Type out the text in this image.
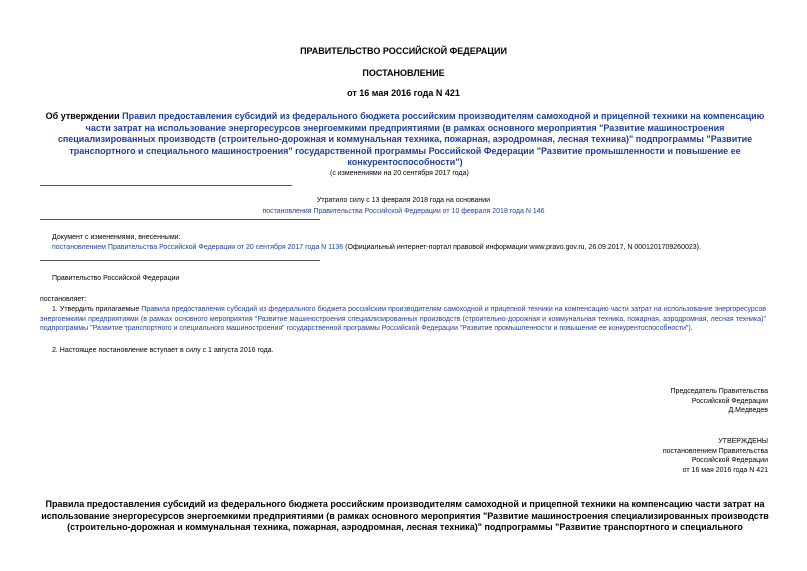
ПРАВИТЕЛЬСТВО РОССИЙСКОЙ ФЕДЕРАЦИИ
ПОСТАНОВЛЕНИЕ
от 16 мая 2016 года N 421
Об утверждении Правил предоставления субсидий из федерального бюджета российским производителям самоходной и прицепной техники на компенсацию части затрат на использование энергоресурсов энергоемкими предприятиями (в рамках основного мероприятия "Развитие машиностроения специализированных производств (строительно-дорожная и коммунальная техника, пожарная, аэродромная, лесная техника)" подпрограммы "Развитие транспортного и специального машиностроения" государственной программы Российской Федерации "Развитие промышленности и повышение ее конкурентоспособности")
(с изменениями на 20 сентября 2017 года)
Утратило силу с 13 февраля 2018 года на основании
постановления Правительства Российской Федерации от 10 февраля 2018 года N 146
Документ с изменениями, внесенными:
постановлением Правительства Российской Федерации от 20 сентября 2017 года N 1136 (Официальный интернет-портал правовой информации www.pravo.gov.ru, 26.09.2017, N 0001201709260023).
Правительство Российской Федерации
постановляет:
1. Утвердить прилагаемые Правила предоставления субсидий из федерального бюджета российским производителям самоходной и прицепной техники на компенсацию части затрат на использование энергоресурсов энергоемкими предприятиями (в рамках основного мероприятия "Развитие машиностроения специализированных производств (строительно-дорожная и коммунальная техника, пожарная, аэродромная, лесная техника)" подпрограммы "Развитие транспортного и специального машиностроения" государственной программы Российской Федерации "Развитие промышленности и повышение ее конкурентоспособности").
2. Настоящее постановление вступает в силу с 1 августа 2016 года.
Председатель Правительства
Российской Федерации
Д.Медведев
УТВЕРЖДЕНЫ
постановлением Правительства
Российской Федерации
от 16 мая 2016 года N 421
Правила предоставления субсидий из федерального бюджета российским производителям самоходной и прицепной техники на компенсацию части затрат на использование энергоресурсов энергоемкими предприятиями (в рамках основного мероприятия "Развитие машиностроения специализированных производств (строительно-дорожная и коммунальная техника, пожарная, аэродромная, лесная техника)" подпрограммы "Развитие транспортного и специального
